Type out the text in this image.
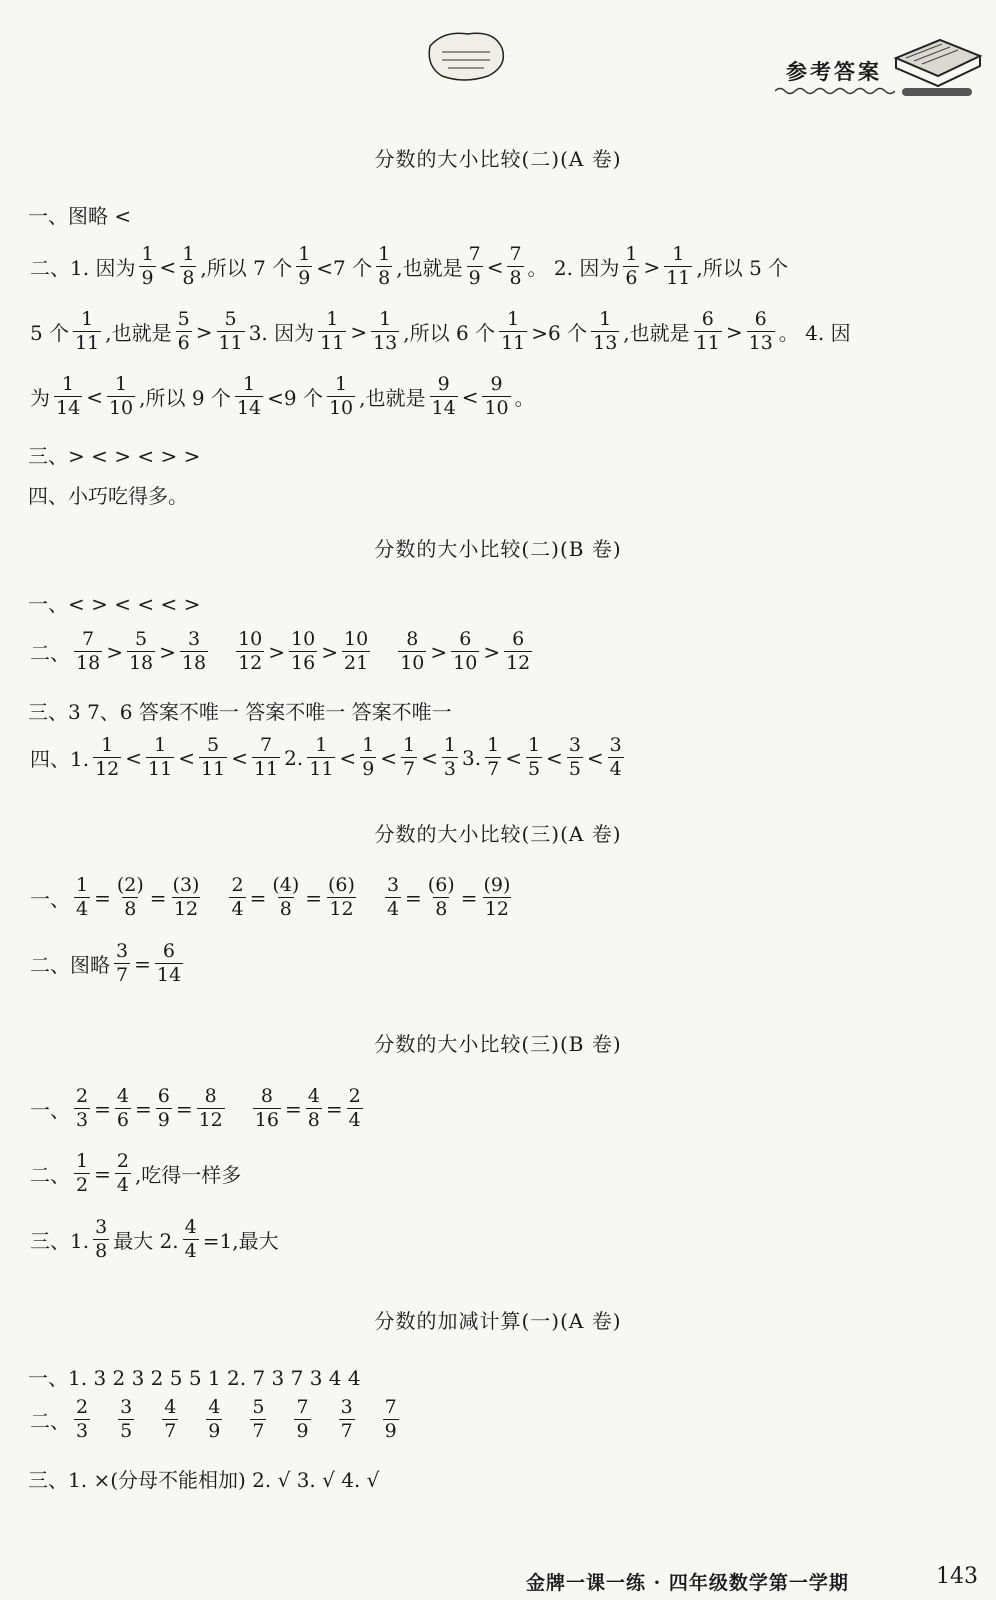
参考答案
分数的大小比较(二)(A 卷)
一、图略 <
二、1. 因为 $\frac{1}{9} < \frac{1}{8}$ ,所以 7 个 $\frac{1}{9} <7$ 个 $\frac{1}{8}$ ,也就是 $\frac{7}{9} < \frac{7}{8}$ 。 2. 因为 $\frac{1}{6} > \frac{1}{11}$ ,所以 5 个
5 个 $\frac{1}{11}$ ,也就是 $\frac{5}{6} > \frac{5}{11} 3$. 因为 $\frac{1}{11} > \frac{1}{13}$ ,所以 6 个 $\frac{1}{11} >6$ 个 $\frac{1}{13}$ ,也就是 $\frac{6}{11} > \frac{6}{13}$ 。 4. 因
为 $\frac{1}{14} < \frac{1}{10}$ ,所以 9 个 $\frac{1}{14} <9$ 个 $\frac{1}{10}$ ,也就是 $\frac{9}{14} < \frac{9}{10}$ 。
三、> < > < > >
四、小巧吃得多。
分数的大小比较(二)(B 卷)
一、< > < < < >
二、 $\frac{7}{18} > \frac{5}{18} > \frac{3}{18} \frac{10}{12} > \frac{10}{16} > \frac{10}{21} \frac{8}{10} > \frac{6}{10} > \frac{6}{12}$
三、3 7、6 答案不唯一 答案不唯一 答案不唯一
四、1. $\frac{1}{12} < \frac{1}{11} < \frac{5}{11} < \frac{7}{11} 2$. $\frac{1}{11} < \frac{1}{9} < \frac{1}{7} < \frac{1}{3} 3$. $\frac{1}{7} < \frac{1}{5} < \frac{3}{5} < \frac{3}{4}$
分数的大小比较(三)(A 卷)
一、 $\frac{1}{4} = \frac{(2)}{8} = \frac{(3)}{12} \frac{2}{4} = \frac{(4)}{8} = \frac{(6)}{12} \frac{3}{4} = \frac{(6)}{8} = \frac{(9)}{12}$
二、图略 $\frac{3}{7} = \frac{6}{14}$
分数的大小比较(三)(B 卷)
一、 $\frac{2}{3} = \frac{4}{6} = \frac{6}{9} = \frac{8}{12} \frac{8}{16} = \frac{4}{8} = \frac{2}{4}$
二、 $\frac{1}{2} = \frac{2}{4}$ ,吃得一样多
三、1. $\frac{3}{8}$ 最大 2. $\frac{4}{4} =1$,最大
分数的加减计算(一)(A 卷)
一、1. 3 2 3 2 5 5 1 2. 7 3 7 3 4 4
二、 $\frac{2}{3} \frac{3}{5} \frac{4}{7} \frac{4}{9} \frac{5}{7} \frac{7}{9} \frac{3}{7} \frac{7}{9}$
三、1. ×(分母不能相加) 2. √ 3. √ 4. √
金牌一课一练 · 四年级数学第一学期	143
